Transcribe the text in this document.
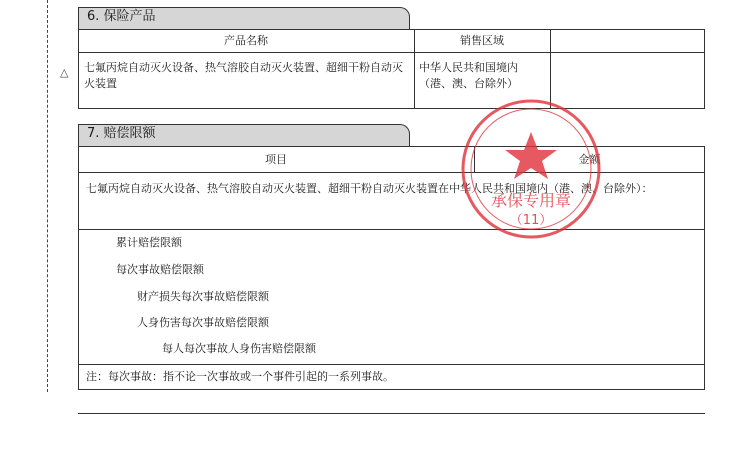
6. 保险产品
产品名称	销售区域
△ 七氟丙烷自动灭火设备、热气溶胶自动灭火装置、超细干粉自动灭火装置
中华人民共和国境内（港、澳、台除外）
7. 赔偿限额
项目	金额
七氟丙烷自动灭火设备、热气溶胶自动灭火装置、超细干粉自动灭火装置在中华人民共和国境内（港、澳、台除外）：
累计赔偿限额
每次事故赔偿限额
财产损失每次事故赔偿限额
人身伤害每次事故赔偿限额
每人每次事故人身伤害赔偿限额
注：每次事故：指不论一次事故或一个事件引起的一系列事故。
承保专用章
（11）
